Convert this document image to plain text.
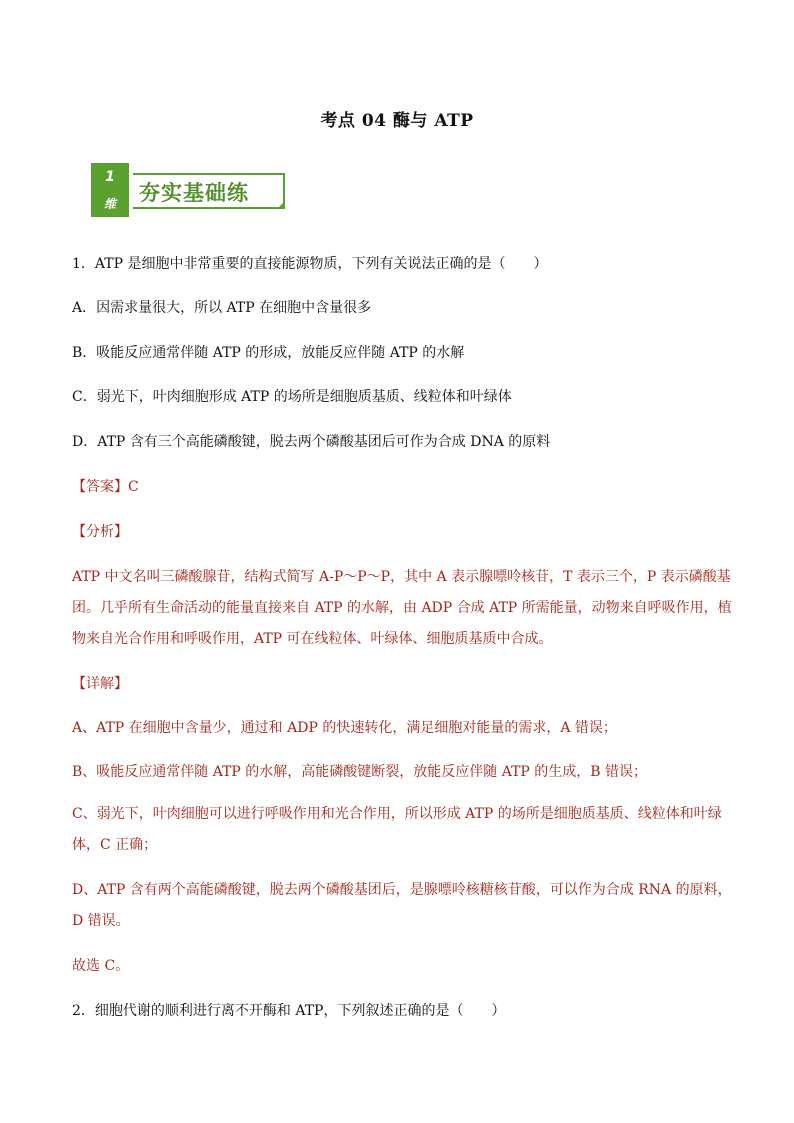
考点 04 酶与 ATP
1
维	夯实基础练
1．ATP 是细胞中非常重要的直接能源物质，下列有关说法正确的是（　　）
A．因需求量很大，所以 ATP 在细胞中含量很多
B．吸能反应通常伴随 ATP 的形成，放能反应伴随 ATP 的水解
C．弱光下，叶肉细胞形成 ATP 的场所是细胞质基质、线粒体和叶绿体
D．ATP 含有三个高能磷酸键，脱去两个磷酸基团后可作为合成 DNA 的原料
【答案】C
【分析】
ATP 中文名叫三磷酸腺苷，结构式简写 A-P～P～P，其中 A 表示腺嘌呤核苷，T 表示三个，P 表示磷酸基团。几乎所有生命活动的能量直接来自 ATP 的水解，由 ADP 合成 ATP 所需能量，动物来自呼吸作用，植物来自光合作用和呼吸作用，ATP 可在线粒体、叶绿体、细胞质基质中合成。
【详解】
A、ATP 在细胞中含量少，通过和 ADP 的快速转化，满足细胞对能量的需求，A 错误；
B、吸能反应通常伴随 ATP 的水解，高能磷酸键断裂，放能反应伴随 ATP 的生成，B 错误；
C、弱光下，叶肉细胞可以进行呼吸作用和光合作用，所以形成 ATP 的场所是细胞质基质、线粒体和叶绿体，C 正确；
D、ATP 含有两个高能磷酸键，脱去两个磷酸基团后，是腺嘌呤核糖核苷酸，可以作为合成 RNA 的原料，D 错误。
故选 C。
2．细胞代谢的顺利进行离不开酶和 ATP，下列叙述正确的是（　　）
